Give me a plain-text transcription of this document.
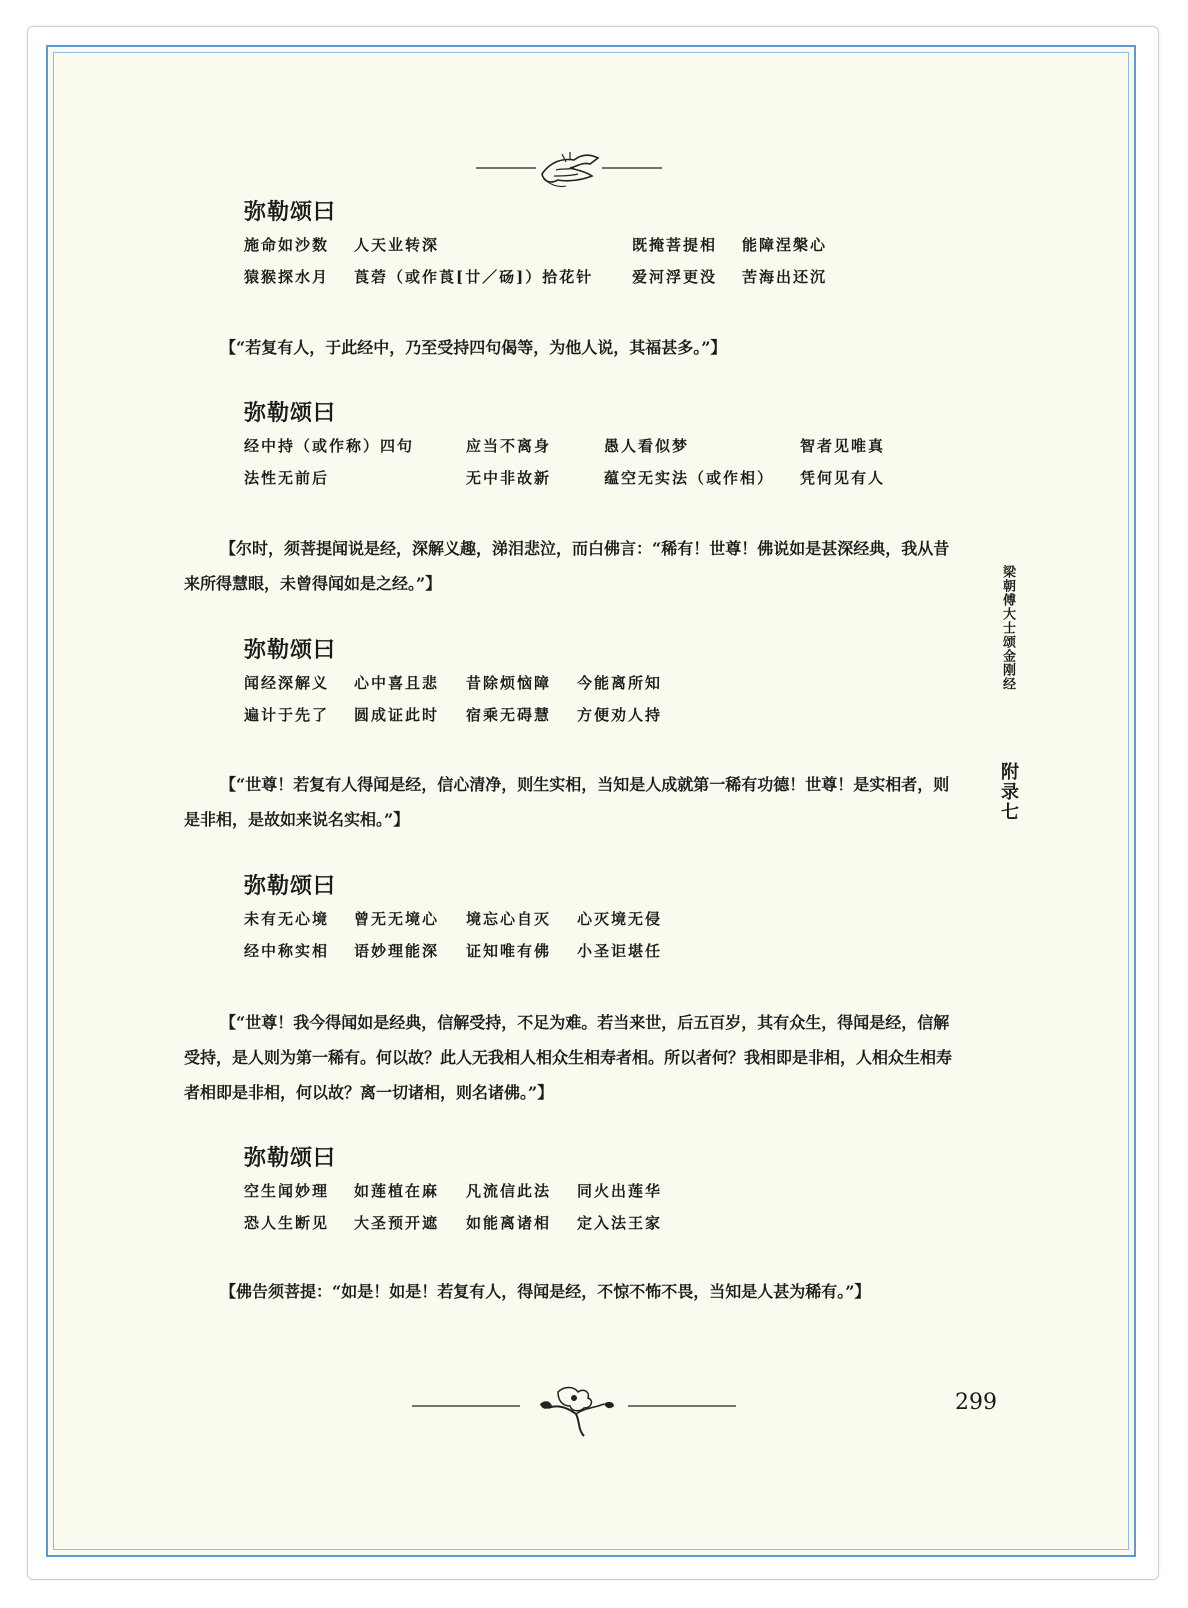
弥勒颂曰
施命如沙数 人天业转深	既掩菩提相 能障涅槃心
猿猴探水月 莨菪（或作莨[廿／砀]）拾花针	爱河浮更没 苦海出还沉

【“若复有人，于此经中，乃至受持四句偈等，为他人说，其福甚多。”】

弥勒颂曰
经中持（或作称）四句	应当不离身	愚人看似梦	智者见唯真
法性无前后	无中非故新	蕴空无实法（或作相） 凭何见有人

【尔时，须菩提闻说是经，深解义趣，涕泪悲泣，而白佛言：“稀有！世尊！佛说如是甚深经典，我从昔来所得慧眼，未曾得闻如是之经。”】

弥勒颂曰
闻经深解义 心中喜且悲 昔除烦恼障 今能离所知
遍计于先了 圆成证此时 宿乘无碍慧 方便劝人持

【“世尊！若复有人得闻是经，信心清净，则生实相，当知是人成就第一稀有功德！世尊！是实相者，则是非相，是故如来说名实相。”】

弥勒颂曰
未有无心境 曾无无境心 境忘心自灭 心灭境无侵
经中称实相 语妙理能深 证知唯有佛 小圣讵堪任

【“世尊！我今得闻如是经典，信解受持，不足为难。若当来世，后五百岁，其有众生，得闻是经，信解受持，是人则为第一稀有。何以故？此人无我相人相众生相寿者相。所以者何？我相即是非相，人相众生相寿者相即是非相，何以故？离一切诸相，则名诸佛。”】

弥勒颂曰
空生闻妙理 如莲植在麻 凡流信此法 同火出莲华
恐人生断见 大圣预开遮 如能离诸相 定入法王家

【佛告须菩提：“如是！如是！若复有人，得闻是经，不惊不怖不畏，当知是人甚为稀有。”】

梁朝傅大士颂金刚经
附录七
299
